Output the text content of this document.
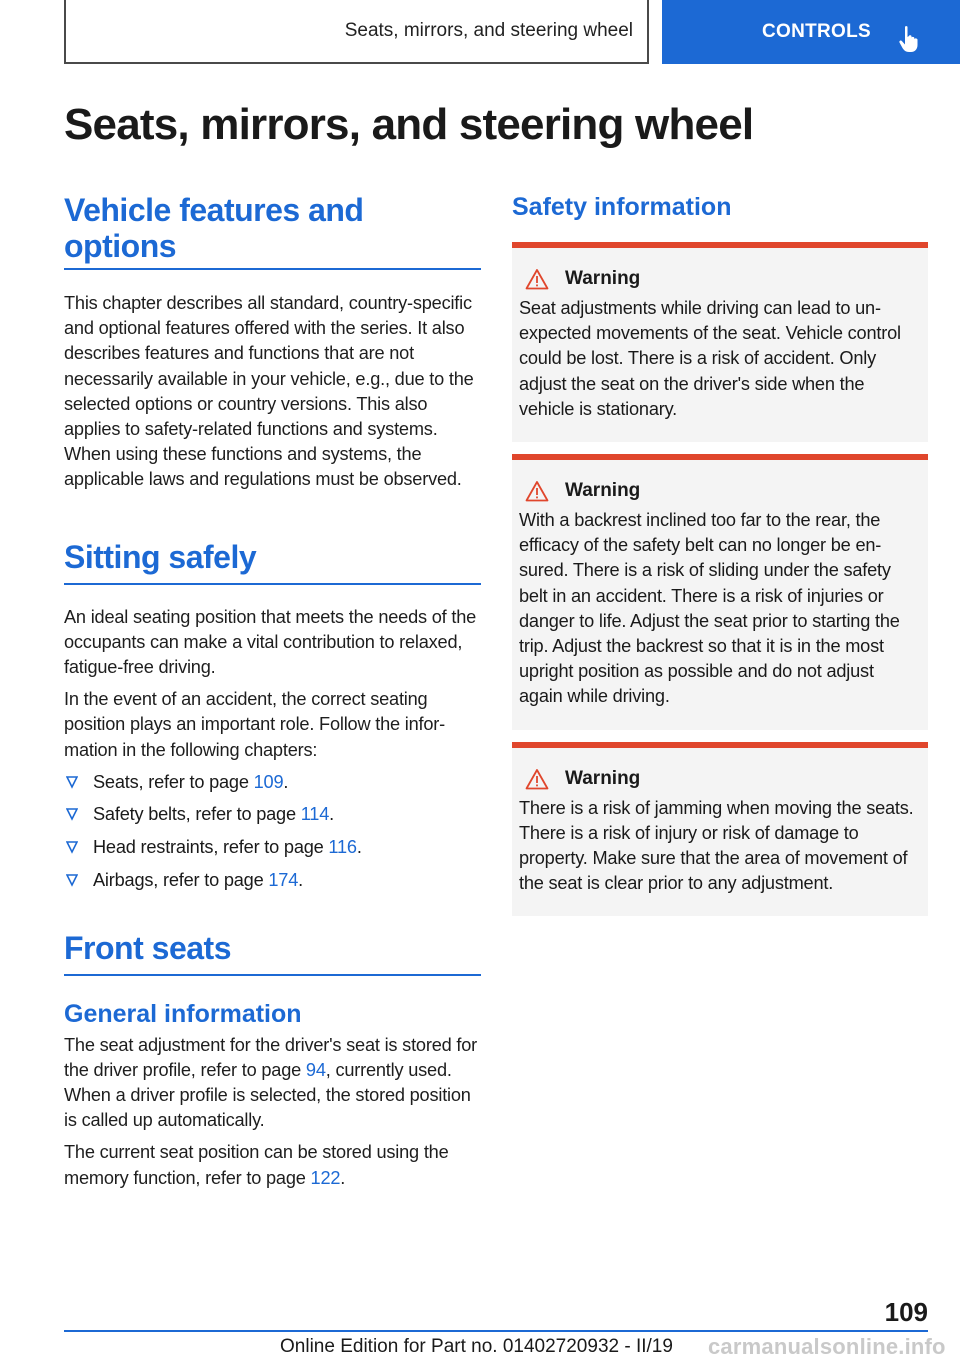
Seats, mirrors, and steering wheel	CONTROLS
Seats, mirrors, and steering wheel
Vehicle features and options

This chapter describes all standard, country-specific and optional features offered with the series. It also describes features and functions that are not necessarily available in your vehicle, e.g., due to the selected options or country versions. This also applies to safety-related functions and systems. When using these functions and systems, the applicable laws and regulations must be observed.

Sitting safely

An ideal seating position that meets the needs of the occupants can make a vital contribution to relaxed, fatigue-free driving.

In the event of an accident, the correct seating position plays an important role. Follow the information in the following chapters:

Seats, refer to page 109.
Safety belts, refer to page 114.
Head restraints, refer to page 116.
Airbags, refer to page 174.
Front seats
General information

The seat adjustment for the driver's seat is stored for the driver profile, refer to page 94, currently used. When a driver profile is selected, the stored position is called up automatically.

The current seat position can be stored using the memory function, refer to page 122.

Safety information
Warning

Seat adjustments while driving can lead to unexpected movements of the seat. Vehicle control could be lost. There is a risk of accident. Only adjust the seat on the driver's side when the vehicle is stationary.

Warning

With a backrest inclined too far to the rear, the efficacy of the safety belt can no longer be ensured. There is a risk of sliding under the safety belt in an accident. There is a risk of injuries or danger to life. Adjust the seat prior to starting the trip. Adjust the backrest so that it is in the most upright position as possible and do not adjust again while driving.

Warning

There is a risk of jamming when moving the seats. There is a risk of injury or risk of damage to property. Make sure that the area of movement of the seat is clear prior to any adjustment.

109
Online Edition for Part no. 01402720932 - II/19 carmanualsonline.info
